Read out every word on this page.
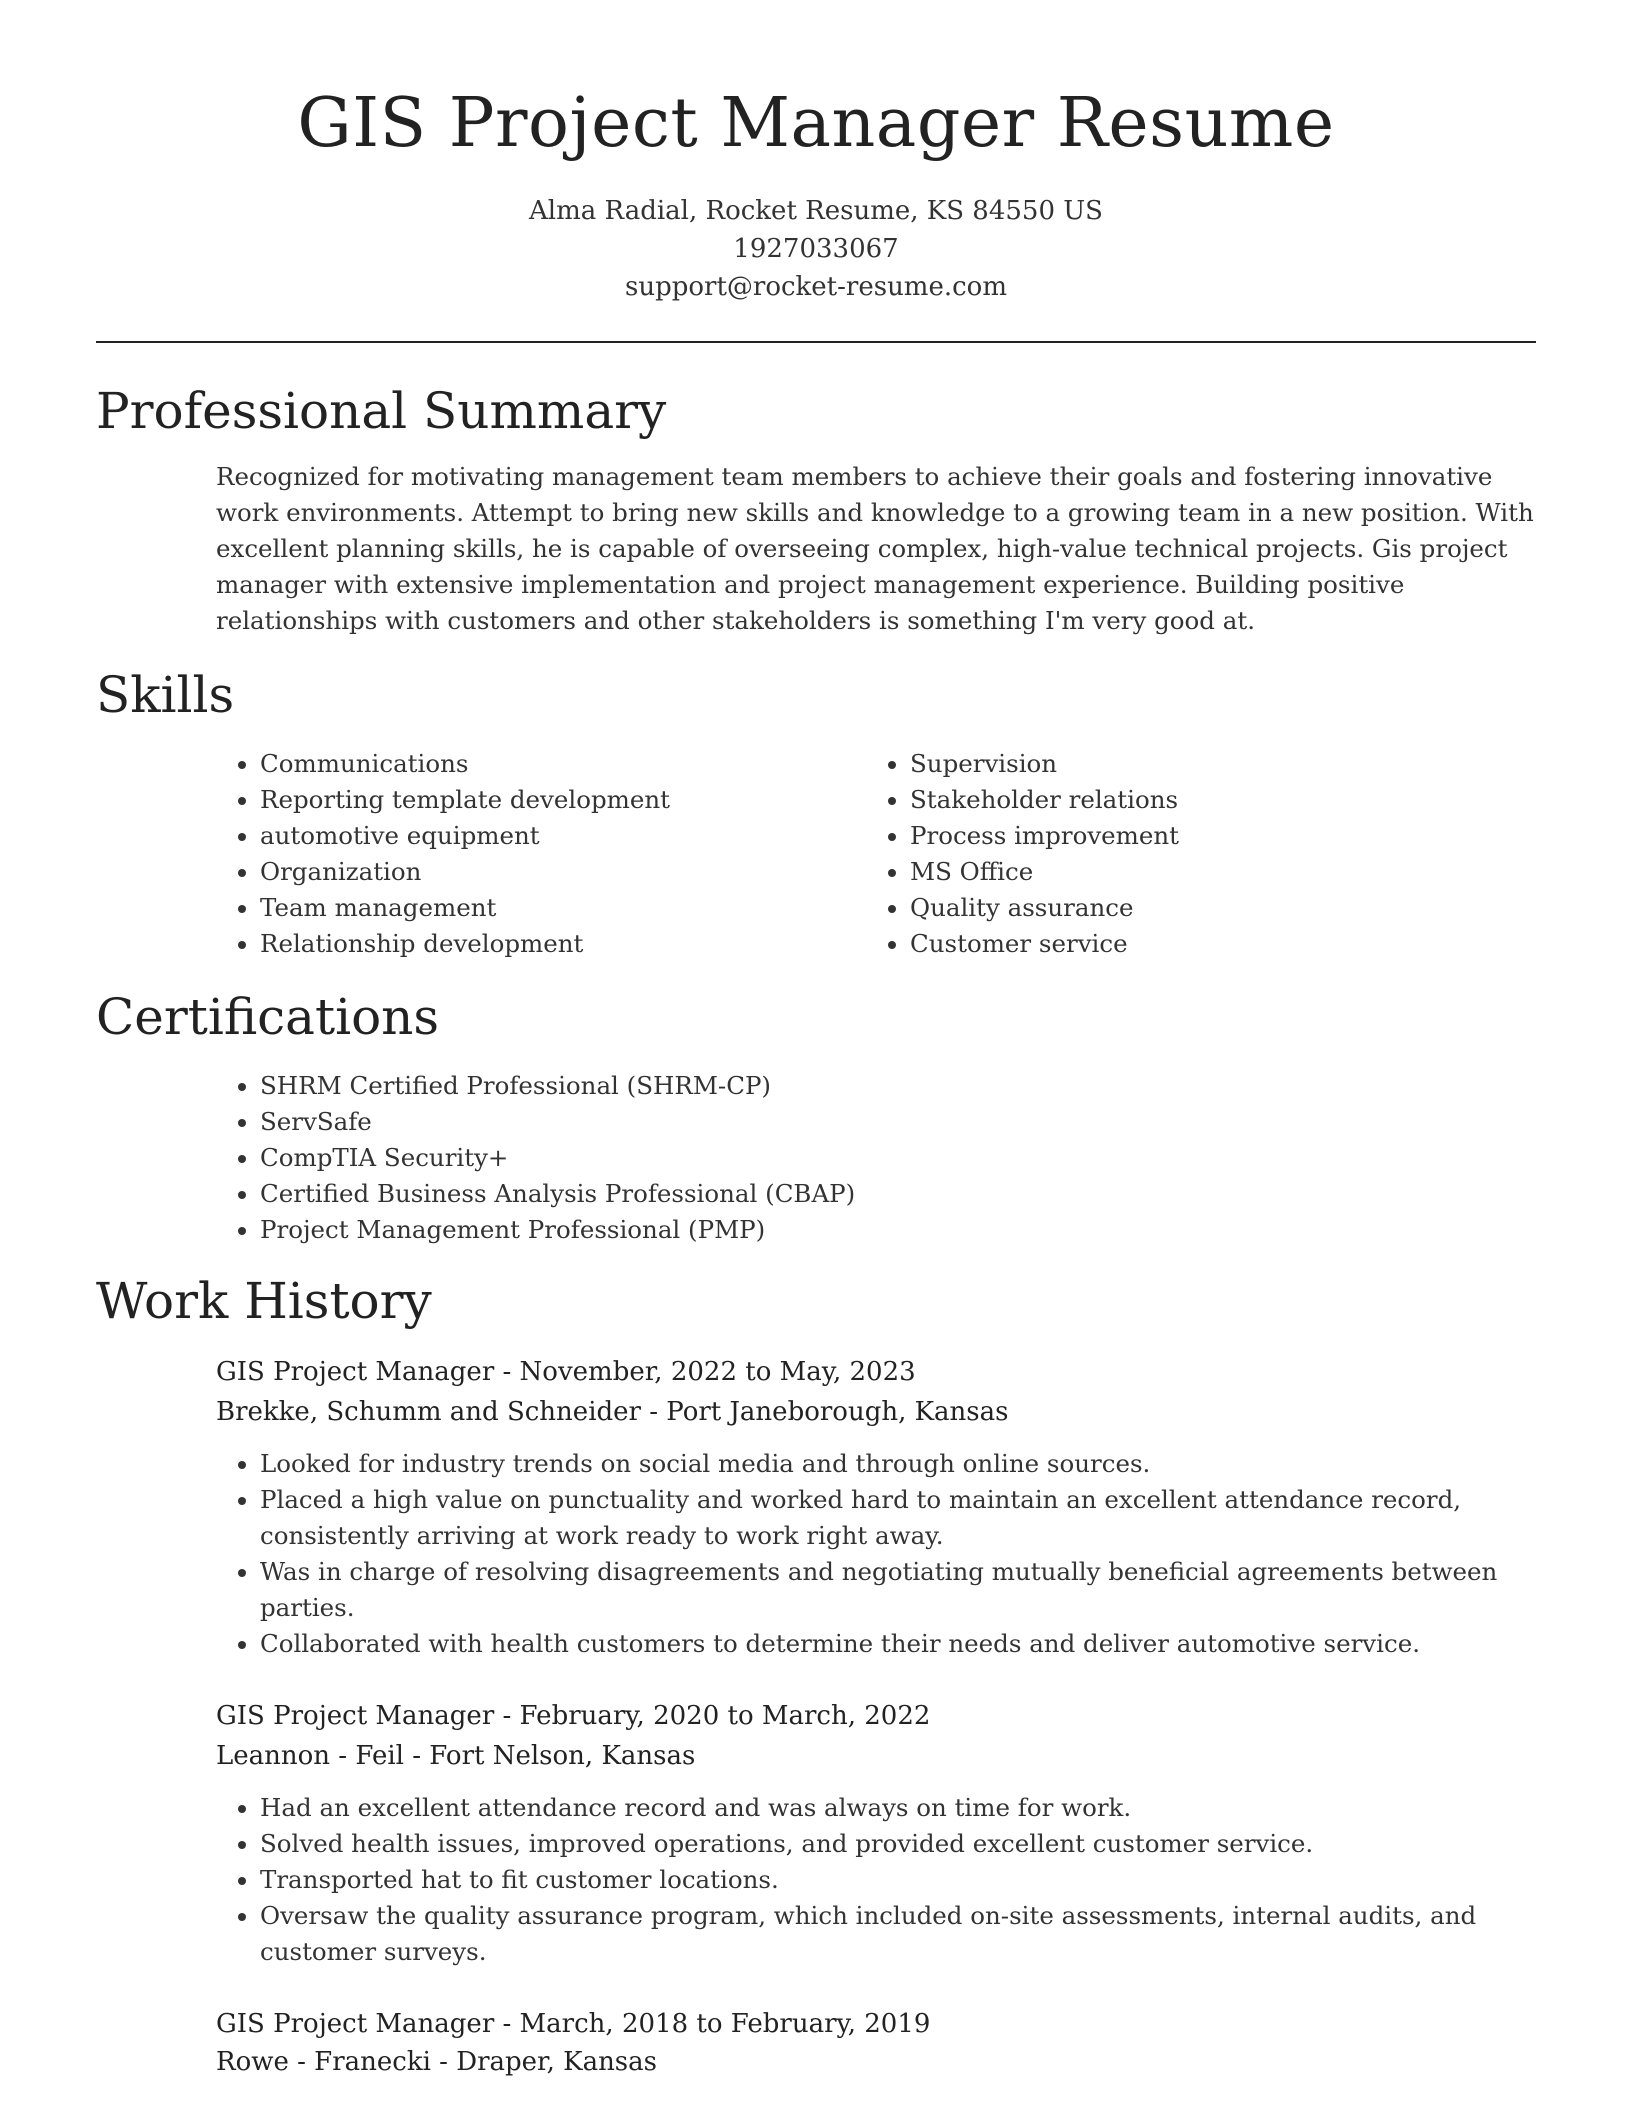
GIS Project Manager Resume
Alma Radial, Rocket Resume, KS 84550 US
1927033067
support@rocket-resume.com
Professional Summary

Recognized for motivating management team members to achieve their goals and fostering innovative work environments. Attempt to bring new skills and knowledge to a growing team in a new position. With excellent planning skills, he is capable of overseeing complex, high-value technical projects. Gis project manager with extensive implementation and project management experience. Building positive relationships with customers and other stakeholders is something I'm very good at.

Skills
• Communications
• Reporting template development
• automotive equipment
• Organization
• Team management
• Relationship development
• Supervision
• Stakeholder relations
• Process improvement
• MS Office
• Quality assurance
• Customer service
Certifications
• SHRM Certified Professional (SHRM-CP)
• ServSafe
• CompTIA Security+
• Certified Business Analysis Professional (CBAP)
• Project Management Professional (PMP)
Work History
GIS Project Manager - November, 2022 to May, 2023
Brekke, Schumm and Schneider - Port Janeborough, Kansas
• Looked for industry trends on social media and through online sources.
• Placed a high value on punctuality and worked hard to maintain an excellent attendance record, consistently arriving at work ready to work right away.
• Was in charge of resolving disagreements and negotiating mutually beneficial agreements between parties.
• Collaborated with health customers to determine their needs and deliver automotive service.
GIS Project Manager - February, 2020 to March, 2022
Leannon - Feil - Fort Nelson, Kansas
• Had an excellent attendance record and was always on time for work.
• Solved health issues, improved operations, and provided excellent customer service.
• Transported hat to fit customer locations.
• Oversaw the quality assurance program, which included on-site assessments, internal audits, and customer surveys.
GIS Project Manager - March, 2018 to February, 2019
Rowe - Franecki - Draper, Kansas
